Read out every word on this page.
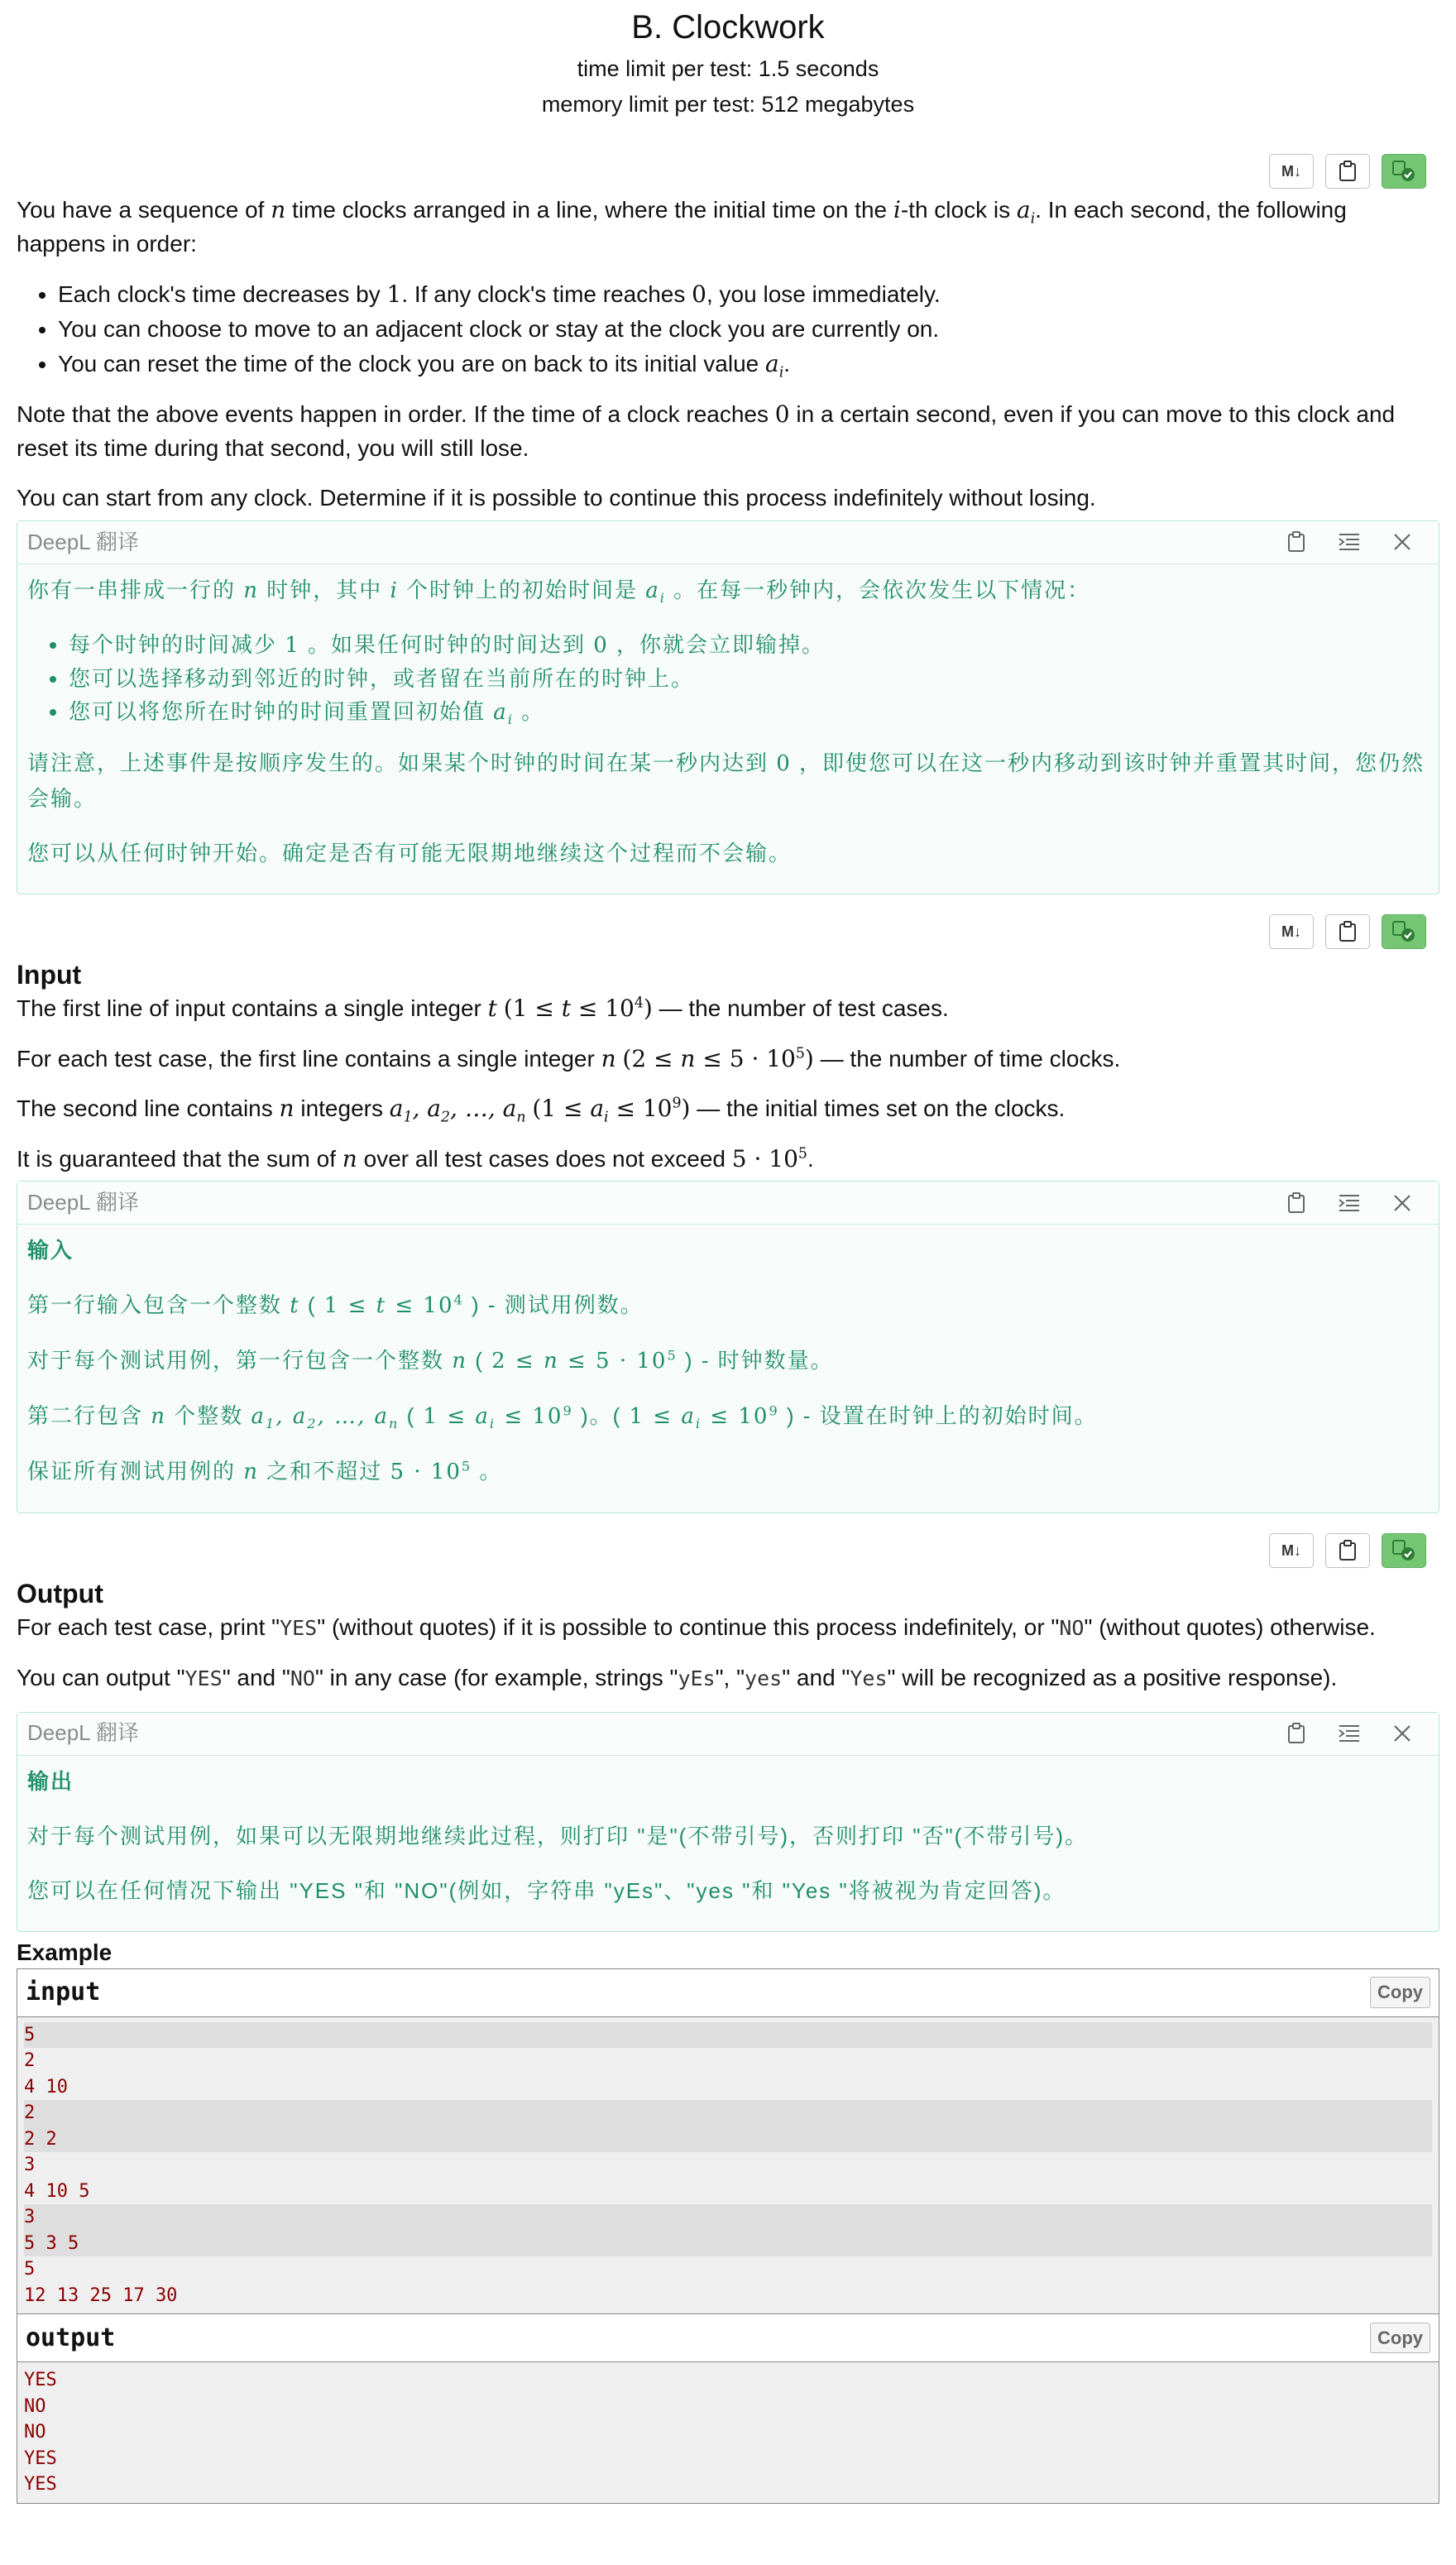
B. Clockwork
time limit per test: 1.5 seconds
memory limit per test: 512 megabytes
M↓

You have a sequence of n time clocks arranged in a line, where the initial time on the i-th clock is $a_i$. In each second, the following happens in order:

• Each clock's time decreases by 1. If any clock's time reaches 0, you lose immediately.
• You can choose to move to an adjacent clock or stay at the clock you are currently on.
• You can reset the time of the clock you are on back to its initial value $a_i$.

Note that the above events happen in order. If the time of a clock reaches 0 in a certain second, even if you can move to this clock and reset its time during that second, you will still lose.

You can start from any clock. Determine if it is possible to continue this process indefinitely without losing.

DeepL 翻译

你有一串排成一行的 n 时钟，其中 i 个时钟上的初始时间是 $a_i$ 。在每一秒钟内，会依次发生以下情况：

• 每个时钟的时间减少 1 。如果任何时钟的时间达到 0 ，你就会立即输掉。
• 您可以选择移动到邻近的时钟，或者留在当前所在的时钟上。
• 您可以将您所在时钟的时间重置回初始值 $a_i$ 。

请注意，上述事件是按顺序发生的。如果某个时钟的时间在某一秒内达到 0 ，即使您可以在这一秒内移动到该时钟并重置其时间，您仍然会输。

您可以从任何时钟开始。确定是否有可能无限期地继续这个过程而不会输。

M↓
Input

The first line of input contains a single integer t $(1 \le t \le 10^4)$ — the number of test cases.

For each test case, the first line contains a single integer n $(2 \le n \le 5 \cdot 10^5)$ — the number of time clocks.

The second line contains n integers $a_1$, $a_2$, …, $a_n$ $(1 \le a_i \le 10^9)$ — the initial times set on the clocks.

It is guaranteed that the sum of n over all test cases does not exceed $5 \cdot 10^5$.

DeepL 翻译

输入

第一行输入包含一个整数 t ( $1 \le t \le 10^4$ ) - 测试用例数。

对于每个测试用例，第一行包含一个整数 n ( $2 \le n \le 5 \cdot 10^5$ ) - 时钟数量。

第二行包含 n 个整数 $a_1$, $a_2$, …, $a_n$ ( $1 \le a_i \le 10^9$ )。( $1 \le a_i \le 10^9$ ) - 设置在时钟上的初始时间。

保证所有测试用例的 n 之和不超过 $5 \cdot 10^5$ 。

M↓
Output

For each test case, print "YES" (without quotes) if it is possible to continue this process indefinitely, or "NO" (without quotes) otherwise.

You can output "YES" and "NO" in any case (for example, strings "yEs", "yes" and "Yes" will be recognized as a positive response).

DeepL 翻译

输出

对于每个测试用例，如果可以无限期地继续此过程，则打印 "是"(不带引号)，否则打印 "否"(不带引号)。

您可以在任何情况下输出 "YES "和 "NO"(例如，字符串 "yEs"、"yes "和 "Yes "将被视为肯定回答)。

Example
input	Copy
5
2
4 10
2
2 2
3
4 10 5
3
5 3 5
5
12 13 25 17 30
output	Copy
YES
NO
NO
YES
YES
